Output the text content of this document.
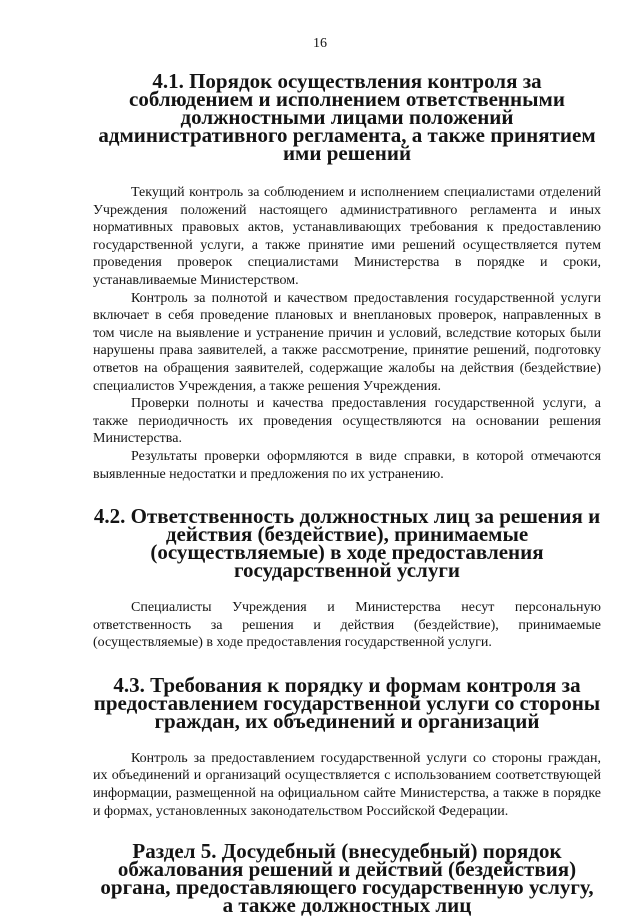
16
4.1. Порядок осуществления контроля за соблюдением и исполнением ответственными должностными лицами положений административного регламента, а также принятием ими решений

Текущий контроль за соблюдением и исполнением специалистами отделений Учреждения положений настоящего административного регламента и иных нормативных правовых актов, устанавливающих требования к предоставлению государственной услуги, а также принятие ими решений осуществляется путем проведения проверок специалистами Министерства в порядке и сроки, устанавливаемые Министерством.

Контроль за полнотой и качеством предоставления государственной услуги включает в себя проведение плановых и внеплановых проверок, направленных в том числе на выявление и устранение причин и условий, вследствие которых были нарушены права заявителей, а также рассмотрение, принятие решений, подготовку ответов на обращения заявителей, содержащие жалобы на действия (бездействие) специалистов Учреждения, а также решения Учреждения.

Проверки полноты и качества предоставления государственной услуги, а также периодичность их проведения осуществляются на основании решения Министерства.

Результаты проверки оформляются в виде справки, в которой отмечаются выявленные недостатки и предложения по их устранению.

4.2. Ответственность должностных лиц за решения и действия (бездействие), принимаемые (осуществляемые) в ходе предоставления государственной услуги

Специалисты Учреждения и Министерства несут персональную ответственность за решения и действия (бездействие), принимаемые (осуществляемые) в ходе предоставления государственной услуги.

4.3. Требования к порядку и формам контроля за предоставлением государственной услуги со стороны граждан, их объединений и организаций

Контроль за предоставлением государственной услуги со стороны граждан, их объединений и организаций осуществляется с использованием соответствующей информации, размещенной на официальном сайте Министерства, а также в порядке и формах, установленных законодательством Российской Федерации.

Раздел 5. Досудебный (внесудебный) порядок обжалования решений и действий (бездействия) органа, предоставляющего государственную услугу, а также должностных лиц
